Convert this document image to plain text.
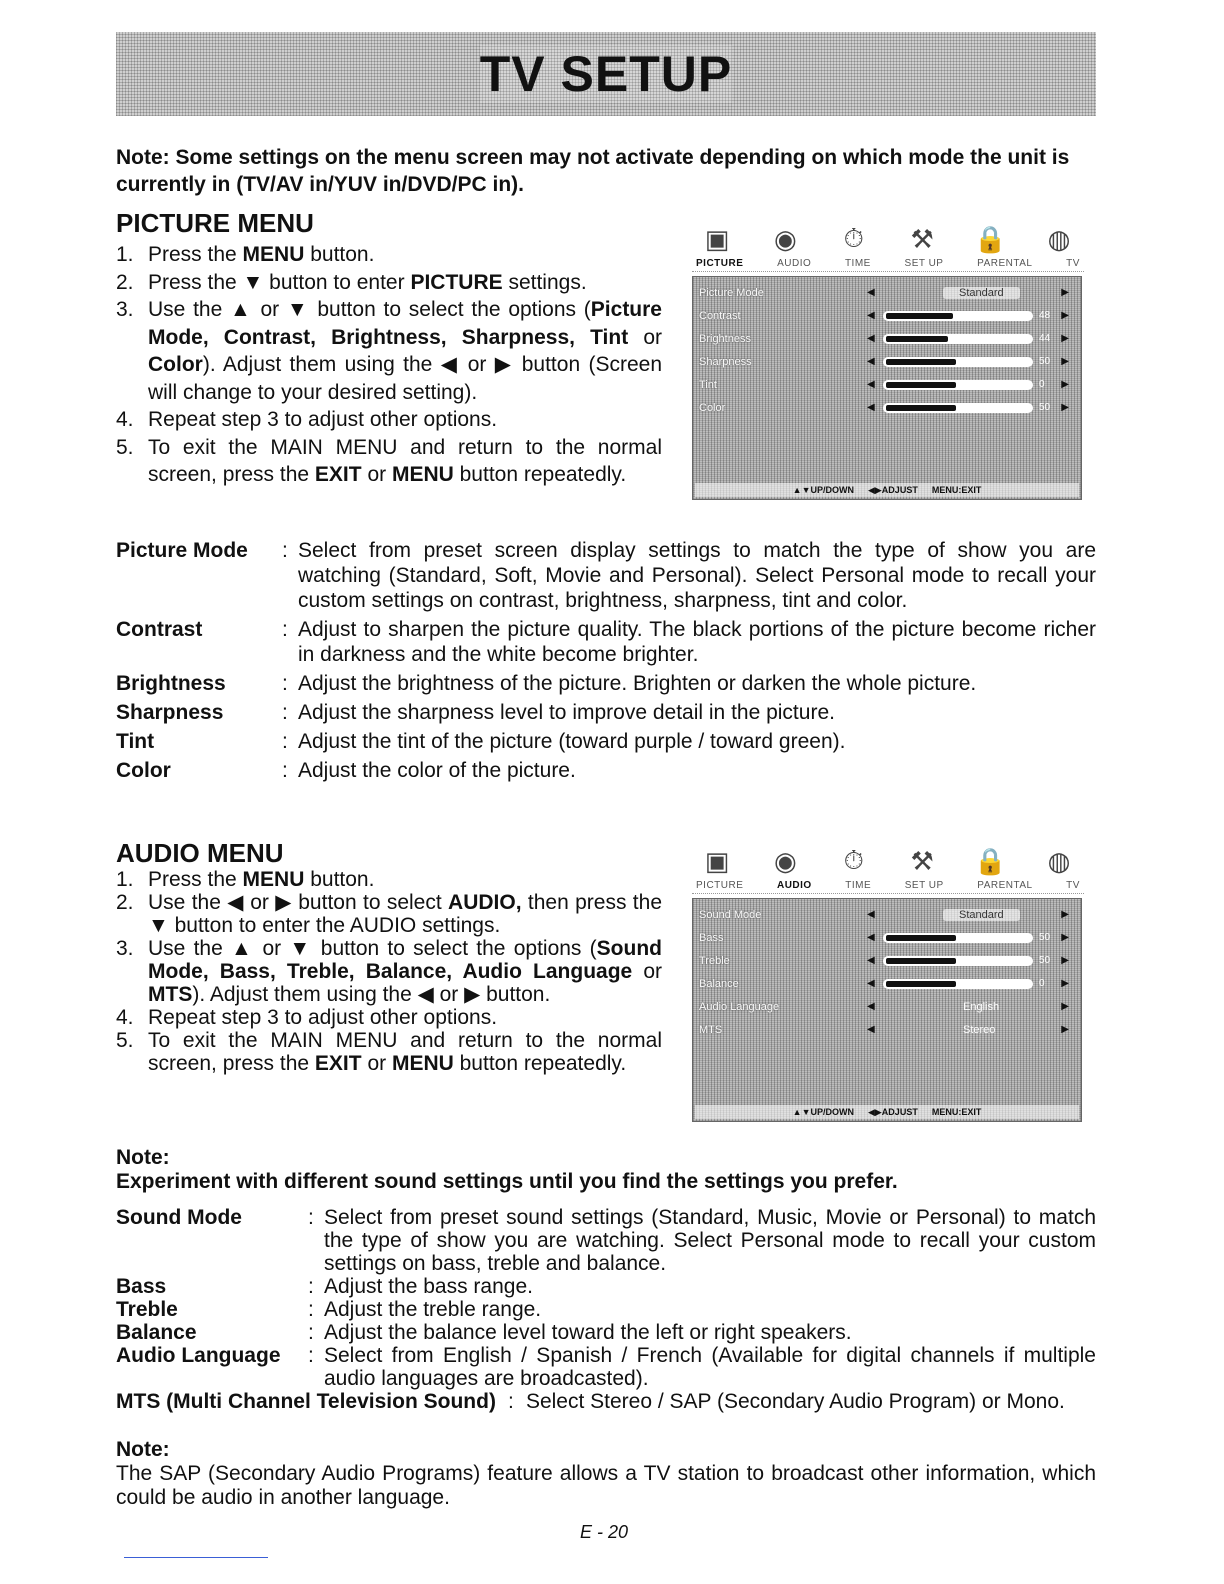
TV SETUP
Note: Some settings on the menu screen may not activate depending on which mode the unit is currently in (TV/AV in/YUV in/DVD/PC in).
PICTURE MENU
1. Press the MENU button.
2. Press the ▼ button to enter PICTURE settings.
3. Use the ▲ or ▼ button to select the options (Picture Mode, Contrast, Brightness, Sharpness, Tint or Color). Adjust them using the ◀ or ▶ button (Screen will change to your desired setting).
4. Repeat step 3 to adjust other options.
5. To exit the MAIN MENU and return to the normal screen, press the EXIT or MENU button repeatedly.
▣ ◉ ⏱ ⚒ 🔒 ◍
PICTURE	AUDIO	TIME	SET UP	PARENTAL	TV
Picture Mode	◀	Standard	▶
Contrast	◀	48	▶
Brightness	◀	44	▶
Sharpness	◀	50	▶
Tint	◀	0	▶
Color	◀	50	▶
▲▼UP/DOWN ◀▶ADJUST MENU:EXIT
Picture Mode	: Select from preset screen display settings to match the type of show you are watching (Standard, Soft, Movie and Personal). Select Personal mode to recall your custom settings on contrast, brightness, sharpness, tint and color.
Contrast	: Adjust to sharpen the picture quality. The black portions of the picture become richer in darkness and the white become brighter.
Brightness	: Adjust the brightness of the picture. Brighten or darken the whole picture.
Sharpness	: Adjust the sharpness level to improve detail in the picture.
Tint	: Adjust the tint of the picture (toward purple / toward green).
Color	: Adjust the color of the picture.
AUDIO MENU
1. Press the MENU button.
2. Use the ◀ or ▶ button to select AUDIO, then press the ▼ button to enter the AUDIO settings.
3. Use the ▲ or ▼ button to select the options (Sound Mode, Bass, Treble, Balance, Audio Language or MTS). Adjust them using the ◀ or ▶ button.
4. Repeat step 3 to adjust other options.
5. To exit the MAIN MENU and return to the normal screen, press the EXIT or MENU button repeatedly.
▣ ◉ ⏱ ⚒ 🔒 ◍
PICTURE	AUDIO	TIME	SET UP	PARENTAL	TV
Sound Mode	◀	Standard	▶
Bass	◀	50	▶
Treble	◀	50	▶
Balance	◀	0	▶
Audio Language	◀	English	▶
MTS	◀	Stereo	▶
▲▼UP/DOWN ◀▶ADJUST MENU:EXIT
Note:
Experiment with different sound settings until you find the settings you prefer.
Sound Mode	: Select from preset sound settings (Standard, Music, Movie or Personal) to match the type of show you are watching. Select Personal mode to recall your custom settings on bass, treble and balance.
Bass	: Adjust the bass range.
Treble	: Adjust the treble range.
Balance	: Adjust the balance level toward the left or right speakers.
Audio Language	: Select from English / Spanish / French (Available for digital channels if multiple audio languages are broadcasted).
MTS (Multi Channel Television Sound) : Select Stereo / SAP (Secondary Audio Program) or Mono.
Note:
The SAP (Secondary Audio Programs) feature allows a TV station to broadcast other information, which could be audio in another language.
E - 20
